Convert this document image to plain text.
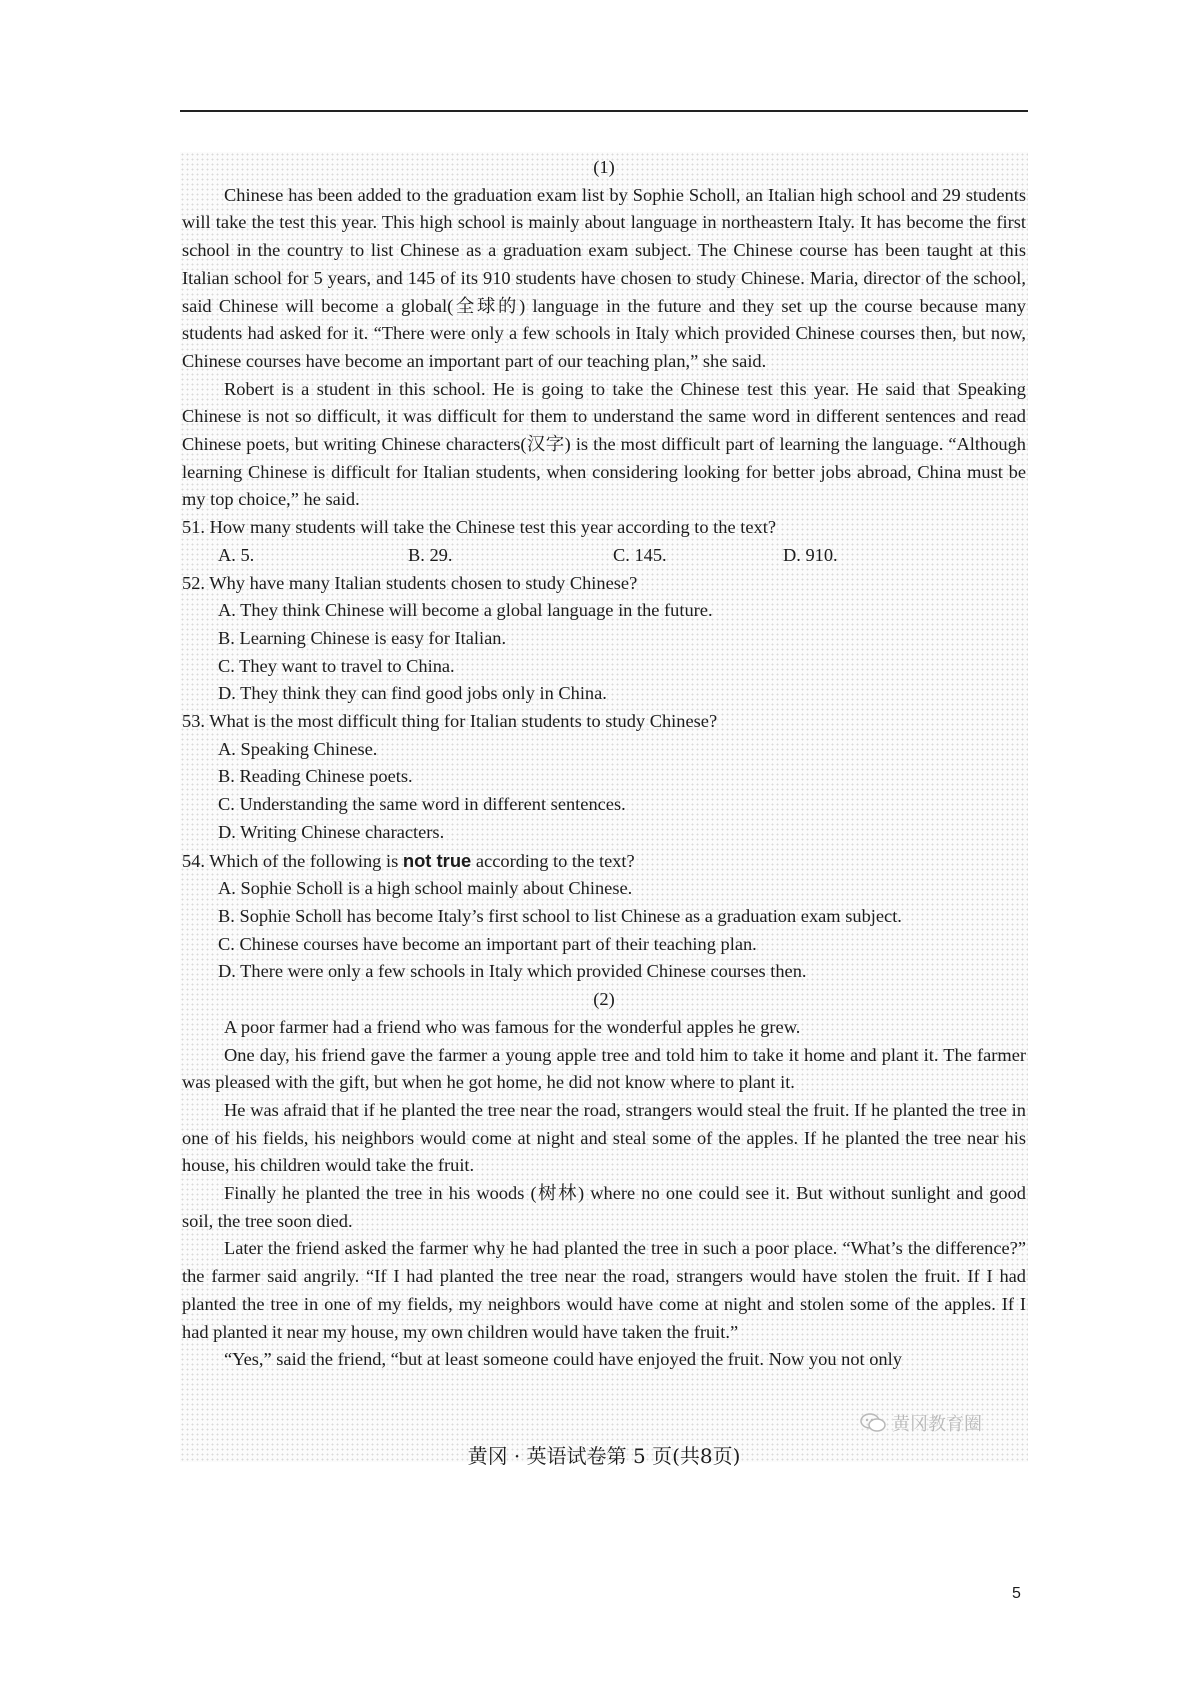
(1)

Chinese has been added to the graduation exam list by Sophie Scholl, an Italian high school and 29 students will take the test this year. This high school is mainly about language in northeastern Italy. It has become the first school in the country to list Chinese as a graduation exam subject. The Chinese course has been taught at this Italian school for 5 years, and 145 of its 910 students have chosen to study Chinese. Maria, director of the school, said Chinese will become a global(全球的) language in the future and they set up the course because many students had asked for it. “There were only a few schools in Italy which provided Chinese courses then, but now, Chinese courses have become an important part of our teaching plan,” she said.

Robert is a student in this school. He is going to take the Chinese test this year. He said that Speaking Chinese is not so difficult, it was difficult for them to understand the same word in different sentences and read Chinese poets, but writing Chinese characters(汉字) is the most difficult part of learning the language. “Although learning Chinese is difficult for Italian students, when considering looking for better jobs abroad, China must be my top choice,” he said.

51. How many students will take the Chinese test this year according to the text?

A. 5.	B. 29.	C. 145.	D. 910.

52. Why have many Italian students chosen to study Chinese?

A. They think Chinese will become a global language in the future.

B. Learning Chinese is easy for Italian.

C. They want to travel to China.

D. They think they can find good jobs only in China.

53. What is the most difficult thing for Italian students to study Chinese?

A. Speaking Chinese.

B. Reading Chinese poets.

C. Understanding the same word in different sentences.

D. Writing Chinese characters.

54. Which of the following is not true according to the text?

A. Sophie Scholl is a high school mainly about Chinese.

B. Sophie Scholl has become Italy’s first school to list Chinese as a graduation exam subject.

C. Chinese courses have become an important part of their teaching plan.

D. There were only a few schools in Italy which provided Chinese courses then.

(2)

A poor farmer had a friend who was famous for the wonderful apples he grew.

One day, his friend gave the farmer a young apple tree and told him to take it home and plant it. The farmer was pleased with the gift, but when he got home, he did not know where to plant it.

He was afraid that if he planted the tree near the road, strangers would steal the fruit. If he planted the tree in one of his fields, his neighbors would come at night and steal some of the apples. If he planted the tree near his house, his children would take the fruit.

Finally he planted the tree in his woods (树林) where no one could see it. But without sunlight and good soil, the tree soon died.

Later the friend asked the farmer why he had planted the tree in such a poor place. “What’s the difference?” the farmer said angrily. “If I had planted the tree near the road, strangers would have stolen the fruit. If I had planted the tree in one of my fields, my neighbors would have come at night and stolen some of the apples. If I had planted it near my house, my own children would have taken the fruit.”

“Yes,” said the friend, “but at least someone could have enjoyed the fruit. Now you not only

黄冈教育圈
黄冈 · 英语试卷第 5 页(共8页)
5
